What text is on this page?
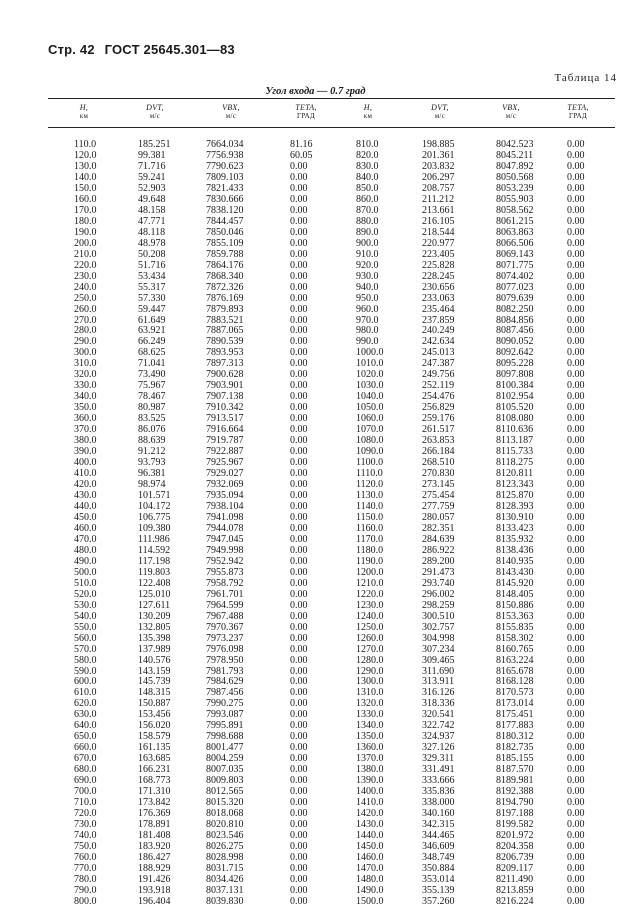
Стр. 42 ГОСТ 25645.301—83
Таблица 14
Угол входа — 0.7 град
H,
км
DVT,
м/с
VBX,
м/с
TETA,
ГРАД
H,
км
DVT,
м/с
VBX,
м/с
TETA,
ГРАД
110.0
120.0
130.0
140.0
150.0
160.0
170.0
180.0
190.0
200.0
210.0
220.0
230.0
240.0
250.0
260.0
270.0
280.0
290.0
300.0
310.0
320.0
330.0
340.0
350.0
360.0
370.0
380.0
390.0
400.0
410.0
420.0
430.0
440.0
450.0
460.0
470.0
480.0
490.0
500.0
510.0
520.0
530.0
540.0
550.0
560.0
570.0
580.0
590.0
600.0
610.0
620.0
630.0
640.0
650.0
660.0
670.0
680.0
690.0
700.0
710.0
720.0
730.0
740.0
750.0
760.0
770.0
780.0
790.0
800.0
185.251
99.381
71.716
59.241
52.903
49.648
48.158
47.771
48.118
48.978
50.208
51.716
53.434
55.317
57.330
59.447
61.649
63.921
66.249
68.625
71.041
73.490
75.967
78.467
80.987
83.525
86.076
88.639
91.212
93.793
96.381
98.974
101.571
104.172
106.775
109.380
111.986
114.592
117.198
119.803
122.408
125.010
127.611
130.209
132.805
135.398
137.989
140.576
143.159
145.739
148.315
150.887
153.456
156.020
158.579
161.135
163.685
166.231
168.773
171.310
173.842
176.369
178.891
181.408
183.920
186.427
188.929
191.426
193.918
196.404
7664.034
7756.938
7790.623
7809.103
7821.433
7830.666
7838.120
7844.457
7850.046
7855.109
7859.788
7864.176
7868.340
7872.326
7876.169
7879.893
7883.521
7887.065
7890.539
7893.953
7897.313
7900.628
7903.901
7907.138
7910.342
7913.517
7916.664
7919.787
7922.887
7925.967
7929.027
7932.069
7935.094
7938.104
7941.098
7944.078
7947.045
7949.998
7952.942
7955.873
7958.792
7961.701
7964.599
7967.488
7970.367
7973.237
7976.098
7978.950
7981.793
7984.629
7987.456
7990.275
7993.087
7995.891
7998.688
8001.477
8004.259
8007.035
8009.803
8012.565
8015.320
8018.068
8020.810
8023.546
8026.275
8028.998
8031.715
8034.426
8037.131
8039.830
81.16
60.05
0.00
0.00
0.00
0.00
0.00
0.00
0.00
0.00
0.00
0.00
0.00
0.00
0.00
0.00
0.00
0.00
0.00
0.00
0.00
0.00
0.00
0.00
0.00
0.00
0.00
0.00
0.00
0.00
0.00
0.00
0.00
0.00
0.00
0.00
0.00
0.00
0.00
0.00
0.00
0.00
0.00
0.00
0.00
0.00
0.00
0.00
0.00
0.00
0.00
0.00
0.00
0.00
0.00
0.00
0.00
0.00
0.00
0.00
0.00
0.00
0.00
0.00
0.00
0.00
0.00
0.00
0.00
0.00
810.0
820.0
830.0
840.0
850.0
860.0
870.0
880.0
890.0
900.0
910.0
920.0
930.0
940.0
950.0
960.0
970.0
980.0
990.0
1000.0
1010.0
1020.0
1030.0
1040.0
1050.0
1060.0
1070.0
1080.0
1090.0
1100.0
1110.0
1120.0
1130.0
1140.0
1150.0
1160.0
1170.0
1180.0
1190.0
1200.0
1210.0
1220.0
1230.0
1240.0
1250.0
1260.0
1270.0
1280.0
1290.0
1300.0
1310.0
1320.0
1330.0
1340.0
1350.0
1360.0
1370.0
1380.0
1390.0
1400.0
1410.0
1420.0
1430.0
1440.0
1450.0
1460.0
1470.0
1480.0
1490.0
1500.0
198.885
201.361
203.832
206.297
208.757
211.212
213.661
216.105
218.544
220.977
223.405
225.828
228.245
230.656
233.063
235.464
237.859
240.249
242.634
245.013
247.387
249.756
252.119
254.476
256.829
259.176
261.517
263.853
266.184
268.510
270.830
273.145
275.454
277.759
280.057
282.351
284.639
286.922
289.200
291.473
293.740
296.002
298.259
300.510
302.757
304.998
307.234
309.465
311.690
313.911
316.126
318.336
320.541
322.742
324.937
327.126
329.311
331.491
333.666
335.836
338.000
340.160
342.315
344.465
346.609
348.749
350.884
353.014
355.139
357.260
8042.523
8045.211
8047.892
8050.568
8053.239
8055.903
8058.562
8061.215
8063.863
8066.506
8069.143
8071.775
8074.402
8077.023
8079.639
8082.250
8084.856
8087.456
8090.052
8092.642
8095.228
8097.808
8100.384
8102.954
8105.520
8108.080
8110.636
8113.187
8115.733
8118.275
8120.811
8123.343
8125.870
8128.393
8130.910
8133.423
8135.932
8138.436
8140.935
8143.430
8145.920
8148.405
8150.886
8153.363
8155.835
8158.302
8160.765
8163.224
8165.678
8168.128
8170.573
8173.014
8175.451
8177.883
8180.312
8182.735
8185.155
8187.570
8189.981
8192.388
8194.790
8197.188
8199.582
8201.972
8204.358
8206.739
8209.117
8211.490
8213.859
8216.224
0.00
0.00
0.00
0.00
0.00
0.00
0.00
0.00
0.00
0.00
0.00
0.00
0.00
0.00
0.00
0.00
0.00
0.00
0.00
0.00
0.00
0.00
0.00
0.00
0.00
0.00
0.00
0.00
0.00
0.00
0.00
0.00
0.00
0.00
0.00
0.00
0.00
0.00
0.00
0.00
0.00
0.00
0.00
0.00
0.00
0.00
0.00
0.00
0.00
0.00
0.00
0.00
0.00
0.00
0.00
0.00
0.00
0.00
0.00
0.00
0.00
0.00
0.00
0.00
0.00
0.00
0.00
0.00
0.00
0.00
